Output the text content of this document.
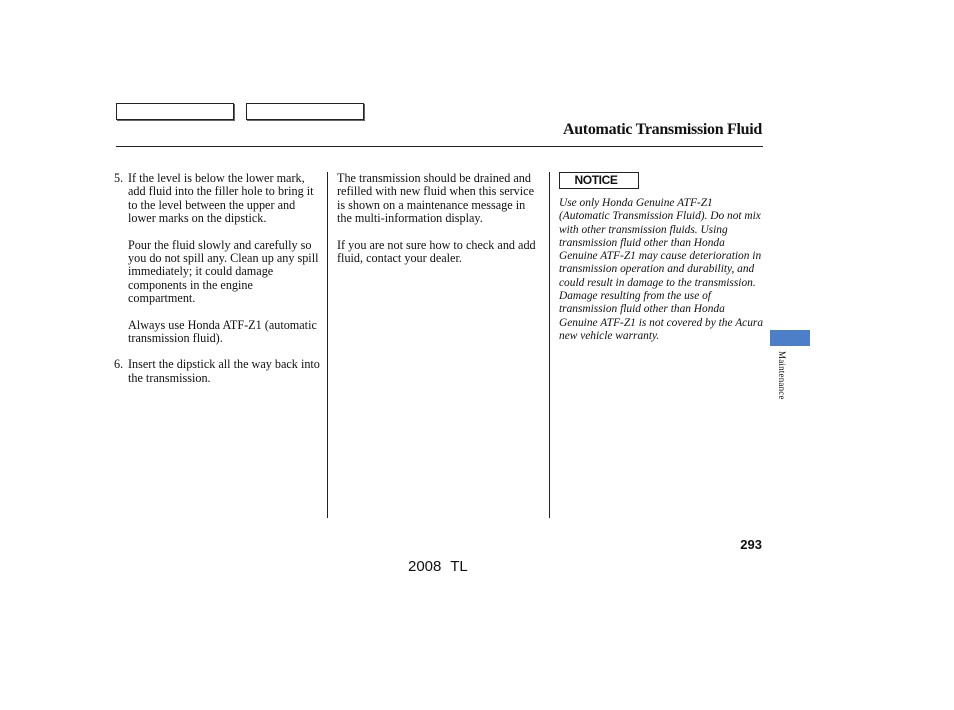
Automatic Transmission Fluid
5. If the level is below the lower mark, add fluid into the filler hole to bring it to the level between the upper and lower marks on the dipstick.
Pour the fluid slowly and carefully so you do not spill any. Clean up any spill immediately; it could damage components in the engine compartment.
Always use Honda ATF-Z1 (automatic transmission fluid).
6. Insert the dipstick all the way back into the transmission.
The transmission should be drained and refilled with new fluid when this service is shown on a maintenance message in the multi-information display.
If you are not sure how to check and add fluid, contact your dealer.
NOTICE
Use only Honda Genuine ATF-Z1 (Automatic Transmission Fluid). Do not mix with other transmission fluids. Using transmission fluid other than Honda Genuine ATF-Z1 may cause deterioration in transmission operation and durability, and could result in damage to the transmission.
Damage resulting from the use of transmission fluid other than Honda Genuine ATF-Z1 is not covered by the Acura new vehicle warranty.
Maintenance
293
2008 TL
